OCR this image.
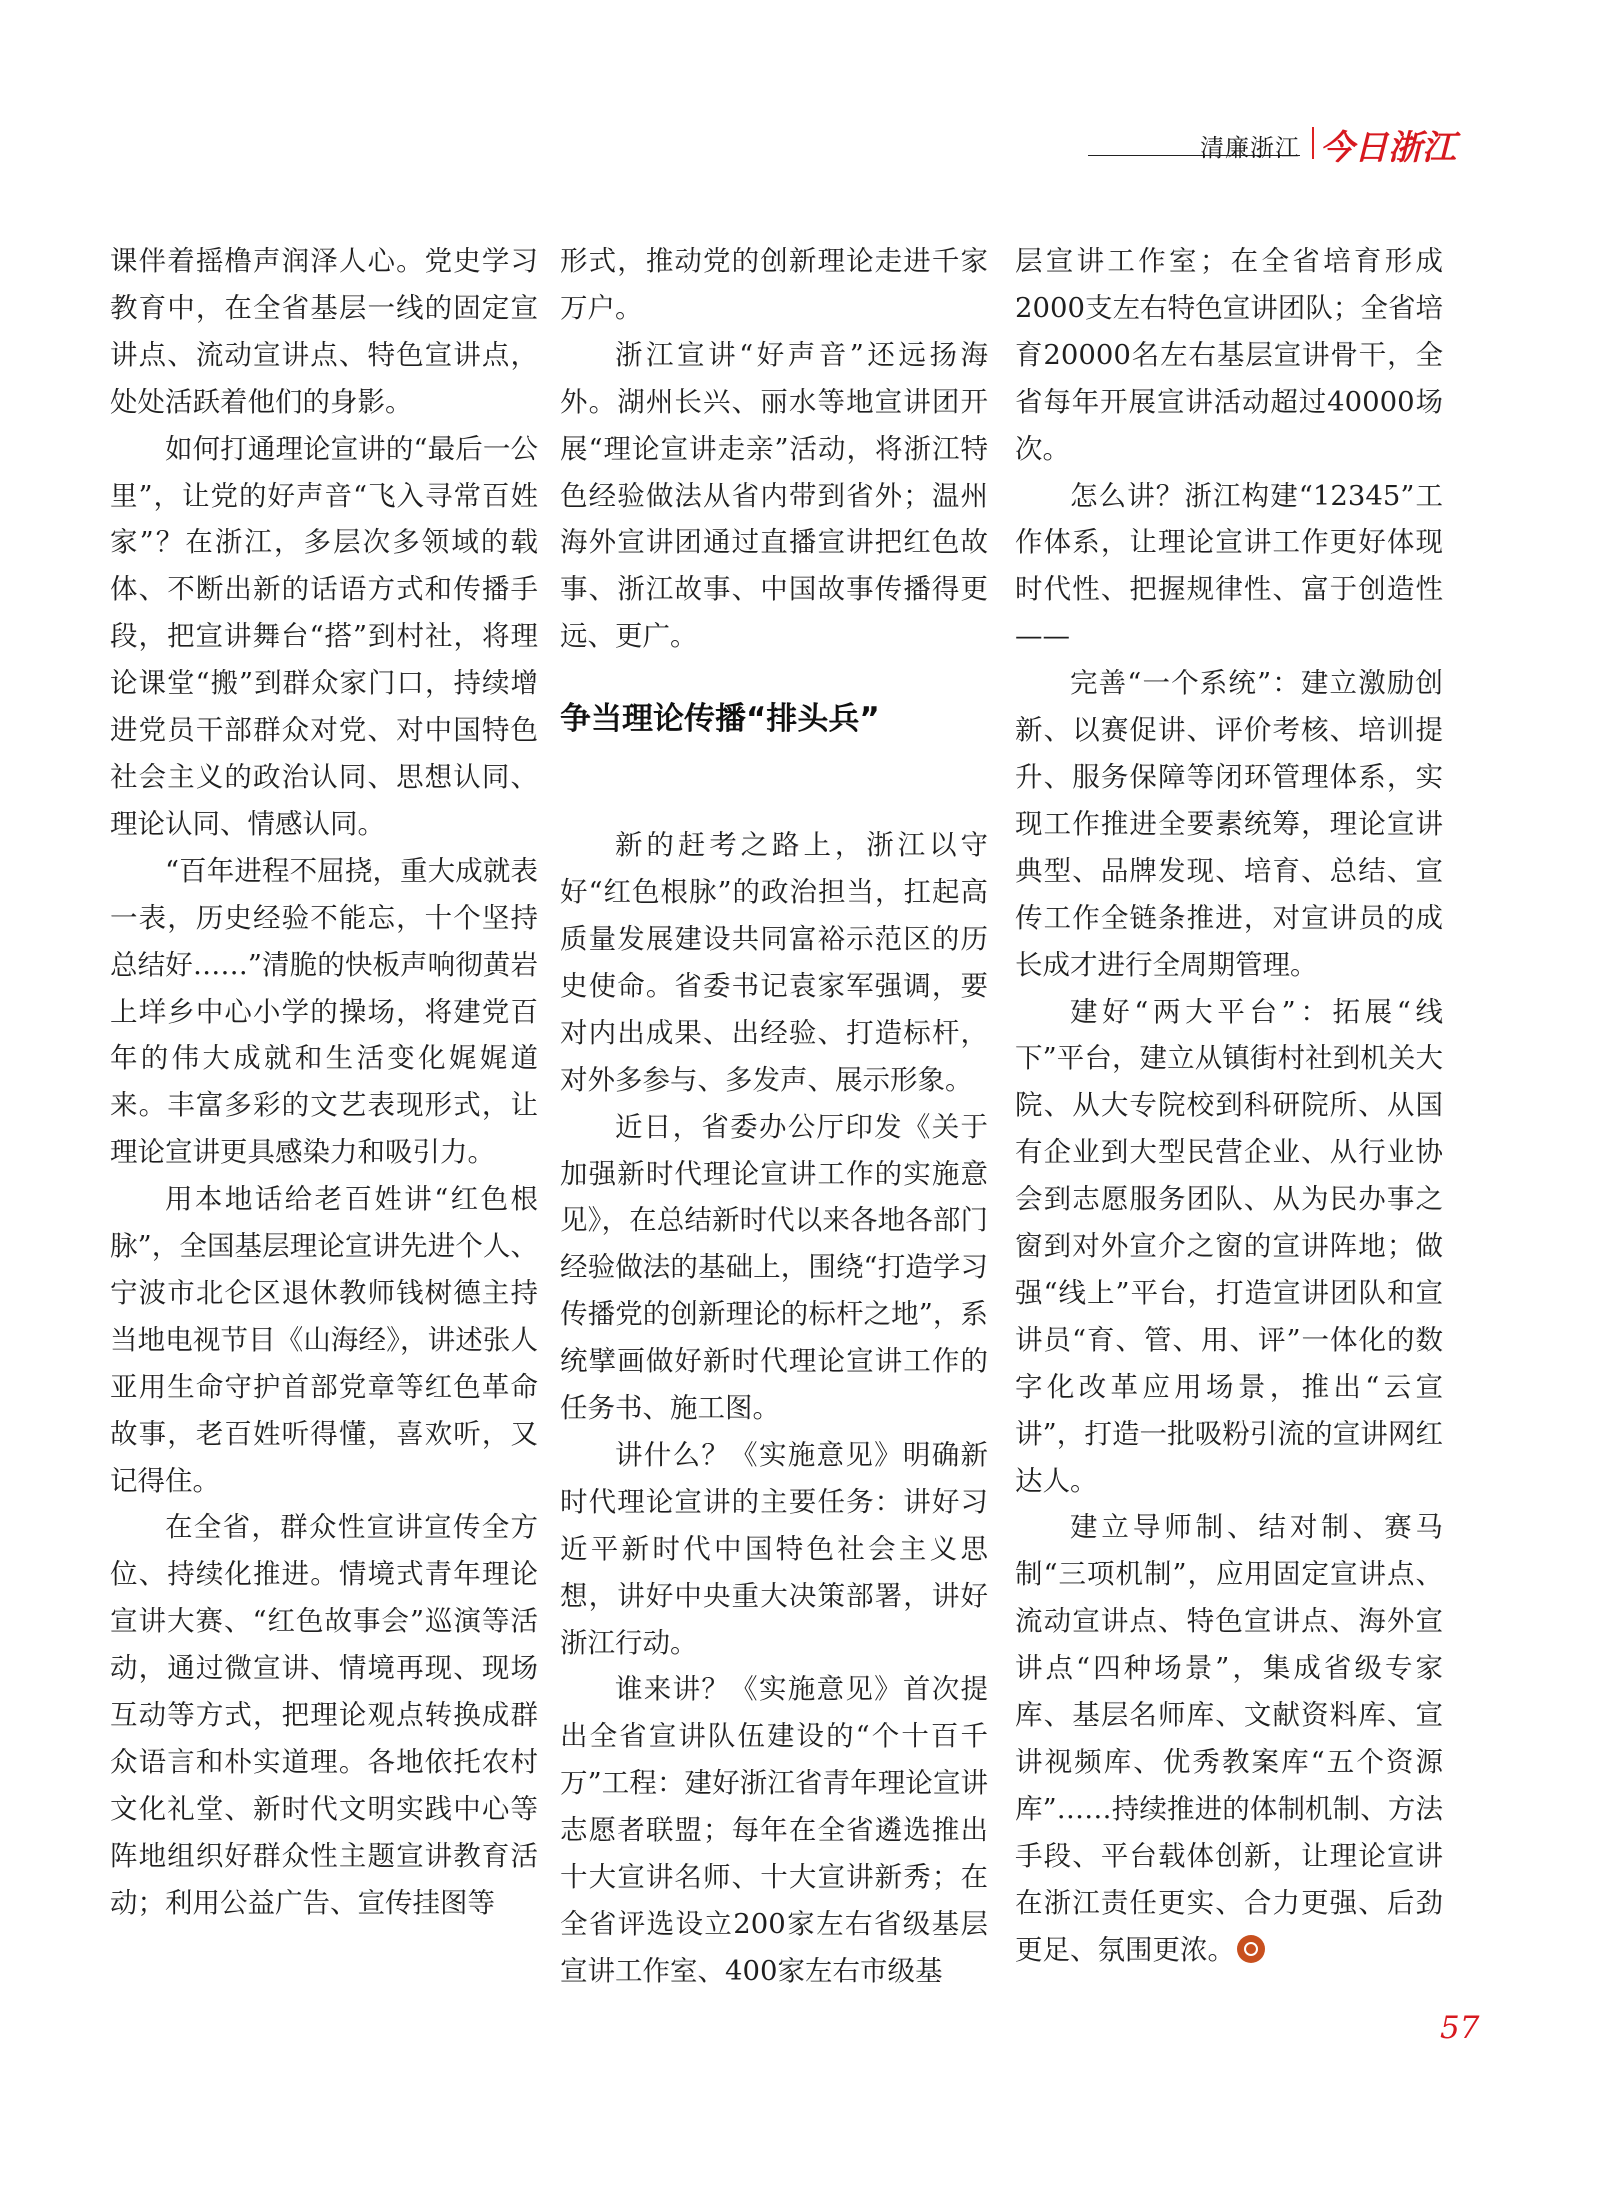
清廉浙江 今日浙江

课伴着摇橹声润泽人心。党史学习教育中，在全省基层一线的固定宣讲点、流动宣讲点、特色宣讲点，处处活跃着他们的身影。

如何打通理论宣讲的“最后一公里”，让党的好声音“飞入寻常百姓家”？在浙江，多层次多领域的载体、不断出新的话语方式和传播手段，把宣讲舞台“搭”到村社，将理论课堂“搬”到群众家门口，持续增进党员干部群众对党、对中国特色社会主义的政治认同、思想认同、理论认同、情感认同。

“百年进程不屈挠，重大成就表一表，历史经验不能忘，十个坚持总结好……”清脆的快板声响彻黄岩上垟乡中心小学的操场，将建党百年的伟大成就和生活变化娓娓道来。丰富多彩的文艺表现形式，让理论宣讲更具感染力和吸引力。

用本地话给老百姓讲“红色根脉”，全国基层理论宣讲先进个人、宁波市北仑区退休教师钱树德主持当地电视节目《山海经》，讲述张人亚用生命守护首部党章等红色革命故事，老百姓听得懂，喜欢听，又记得住。

在全省，群众性宣讲宣传全方位、持续化推进。情境式青年理论宣讲大赛、“红色故事会”巡演等活动，通过微宣讲、情境再现、现场互动等方式，把理论观点转换成群众语言和朴实道理。各地依托农村文化礼堂、新时代文明实践中心等阵地组织好群众性主题宣讲教育活动；利用公益广告、宣传挂图等

形式，推动党的创新理论走进千家万户。

浙江宣讲“好声音”还远扬海外。湖州长兴、丽水等地宣讲团开展“理论宣讲走亲”活动，将浙江特色经验做法从省内带到省外；温州海外宣讲团通过直播宣讲把红色故事、浙江故事、中国故事传播得更远、更广。

争当理论传播“排头兵”

新的赶考之路上，浙江以守好“红色根脉”的政治担当，扛起高质量发展建设共同富裕示范区的历史使命。省委书记袁家军强调，要对内出成果、出经验、打造标杆，对外多参与、多发声、展示形象。

近日，省委办公厅印发《关于加强新时代理论宣讲工作的实施意见》，在总结新时代以来各地各部门经验做法的基础上，围绕“打造学习传播党的创新理论的标杆之地”，系统擘画做好新时代理论宣讲工作的任务书、施工图。

讲什么？《实施意见》明确新时代理论宣讲的主要任务：讲好习近平新时代中国特色社会主义思想，讲好中央重大决策部署，讲好浙江行动。

谁来讲？《实施意见》首次提出全省宣讲队伍建设的“个十百千万”工程：建好浙江省青年理论宣讲志愿者联盟；每年在全省遴选推出十大宣讲名师、十大宣讲新秀；在全省评选设立200家左右省级基层宣讲工作室、400家左右市级基

层宣讲工作室；在全省培育形成2000支左右特色宣讲团队；全省培育20000名左右基层宣讲骨干，全省每年开展宣讲活动超过40000场次。

怎么讲？浙江构建“12345”工作体系，让理论宣讲工作更好体现时代性、把握规律性、富于创造性——

完善“一个系统”：建立激励创新、以赛促讲、评价考核、培训提升、服务保障等闭环管理体系，实现工作推进全要素统筹，理论宣讲典型、品牌发现、培育、总结、宣传工作全链条推进，对宣讲员的成长成才进行全周期管理。

建好“两大平台”：拓展“线下”平台，建立从镇街村社到机关大院、从大专院校到科研院所、从国有企业到大型民营企业、从行业协会到志愿服务团队、从为民办事之窗到对外宣介之窗的宣讲阵地；做强“线上”平台，打造宣讲团队和宣讲员“育、管、用、评”一体化的数字化改革应用场景，推出“云宣讲”，打造一批吸粉引流的宣讲网红达人。

建立导师制、结对制、赛马制“三项机制”，应用固定宣讲点、流动宣讲点、特色宣讲点、海外宣讲点“四种场景”，集成省级专家库、基层名师库、文献资料库、宣讲视频库、优秀教案库“五个资源库”……持续推进的体制机制、方法手段、平台载体创新，让理论宣讲在浙江责任更实、合力更强、后劲更足、氛围更浓。

57
